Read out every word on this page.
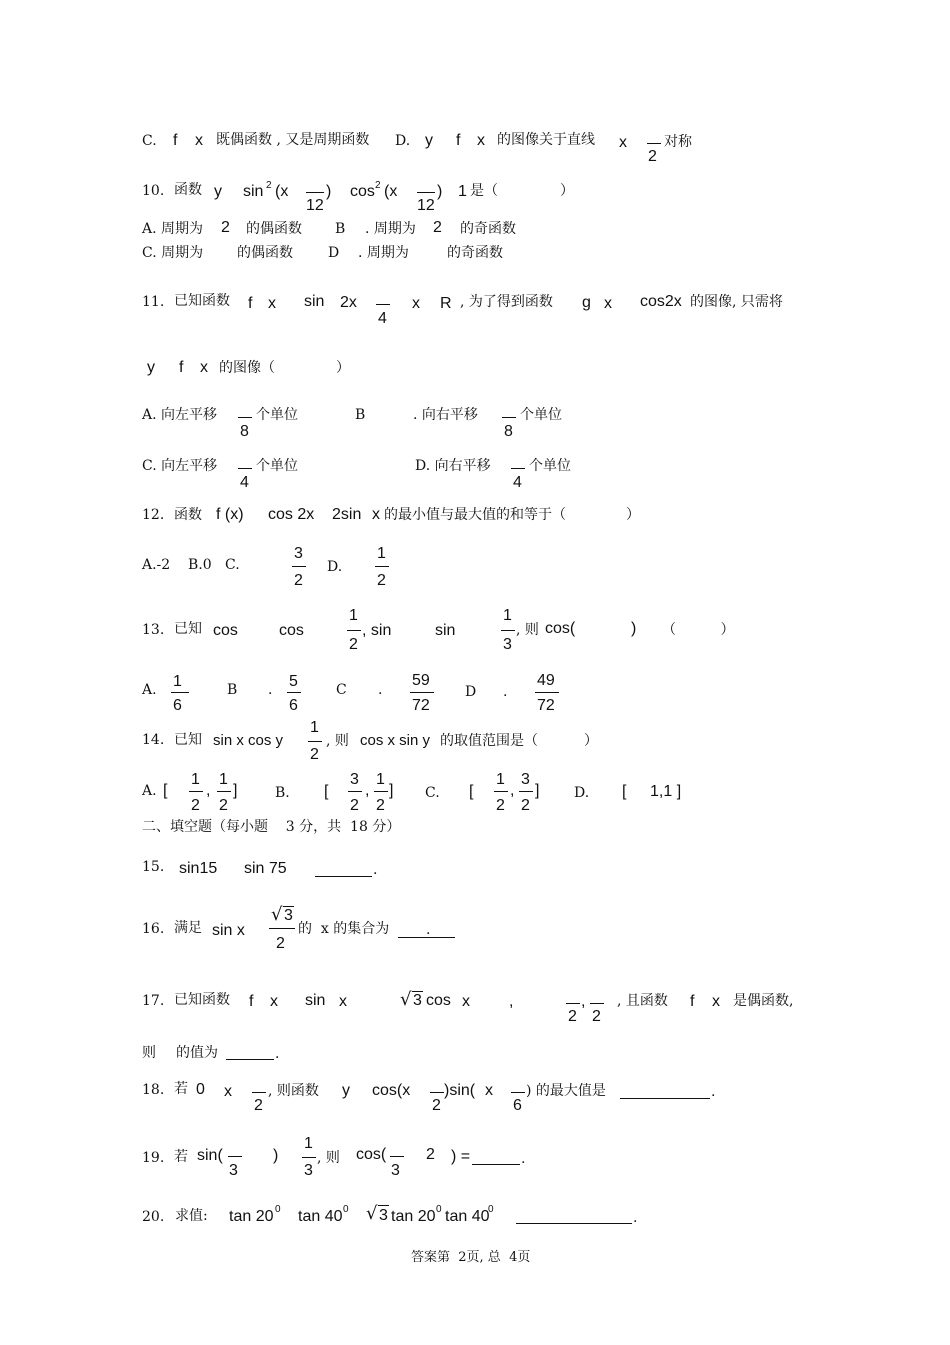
C. f x 既偶函数 , 又是周期函数 D. y f x 的图像关于直线 x
2
对称
10. 函数 y sin 2 (x
12
) cos 2 (x
12
) 1 是（	）
A. 周期为 2 的偶函数 B . 周期为 2 的奇函数
C. 周期为 的偶函数	D . 周期为	的奇函数
11. 已知函数 f x sin 2x
4
x R , 为了得到函数 g x cos2x 的图像, 只需将
y f x 的图像（	）
A. 向左平移
8
个单位	B	. 向右平移
8
个单位
C. 向左平移
4
个单位	D. 向右平移
4
个单位
12. 函数 f (x) cos 2x 2sin x 的最小值与最大值的和等于（	）
A.-2    B.0   C.
3
2
D.
1
2
13. 已知 cos	cos
1
2
, sin	sin
1
3
, 则 cos(	) （          ）
A. 1
6
B . 5
6
C .
59
72
D .
49
72
14. 已知 sin x cos y
1
2
, 则 cos x sin y 的取值范围是（	）
A. [
1
2
,
1
2
]	B. [
3
2
,
1
2
] C. [
1
2
,
3
2
] D. [ 1,1 ]
二、填空题（每小题    3 分，共  18 分）
15. sin15 sin 75	.
16. 满足 sin x
√ 3
2
的  x 的集合为	.
17. 已知函数 f x sin x	√ 3 cos x ,
2
,
2
, 且函数 f x 是偶函数,
则 的值为	.
18. 若 0 x
2
, 则函数 y cos(x
2
)sin( x
6
) 的最大值是	.
19. 若 sin(
3
)
1
3
, 则 cos(
3
2 ) =	.
20. 求值: tan 20 0 tan 40 0 √ 3 tan 20 0 tan 40
0
.
答案第  2页, 总  4页
